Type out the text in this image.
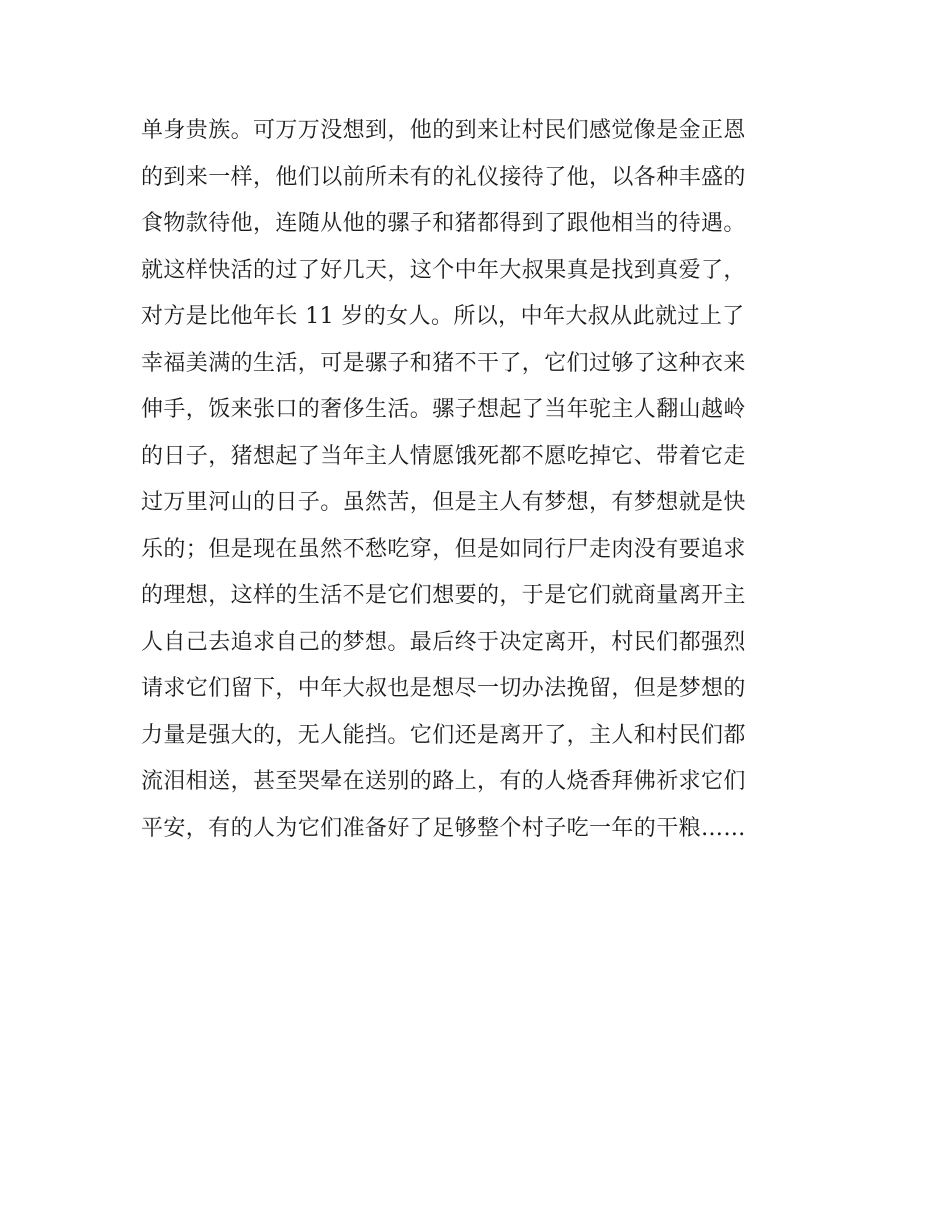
单身贵族。可万万没想到，他的到来让村民们感觉像是金正恩
的到来一样，他们以前所未有的礼仪接待了他，以各种丰盛的
食物款待他，连随从他的骡子和猪都得到了跟他相当的待遇。
就这样快活的过了好几天，这个中年大叔果真是找到真爱了，
对方是比他年长 11 岁的女人。所以，中年大叔从此就过上了
幸福美满的生活，可是骡子和猪不干了，它们过够了这种衣来
伸手，饭来张口的奢侈生活。骡子想起了当年驼主人翻山越岭
的日子，猪想起了当年主人情愿饿死都不愿吃掉它、带着它走
过万里河山的日子。虽然苦，但是主人有梦想，有梦想就是快
乐的；但是现在虽然不愁吃穿，但是如同行尸走肉没有要追求
的理想，这样的生活不是它们想要的，于是它们就商量离开主
人自己去追求自己的梦想。最后终于决定离开，村民们都强烈
请求它们留下，中年大叔也是想尽一切办法挽留，但是梦想的
力量是强大的，无人能挡。它们还是离开了，主人和村民们都
流泪相送，甚至哭晕在送别的路上，有的人烧香拜佛祈求它们
平安，有的人为它们准备好了足够整个村子吃一年的干粮……
